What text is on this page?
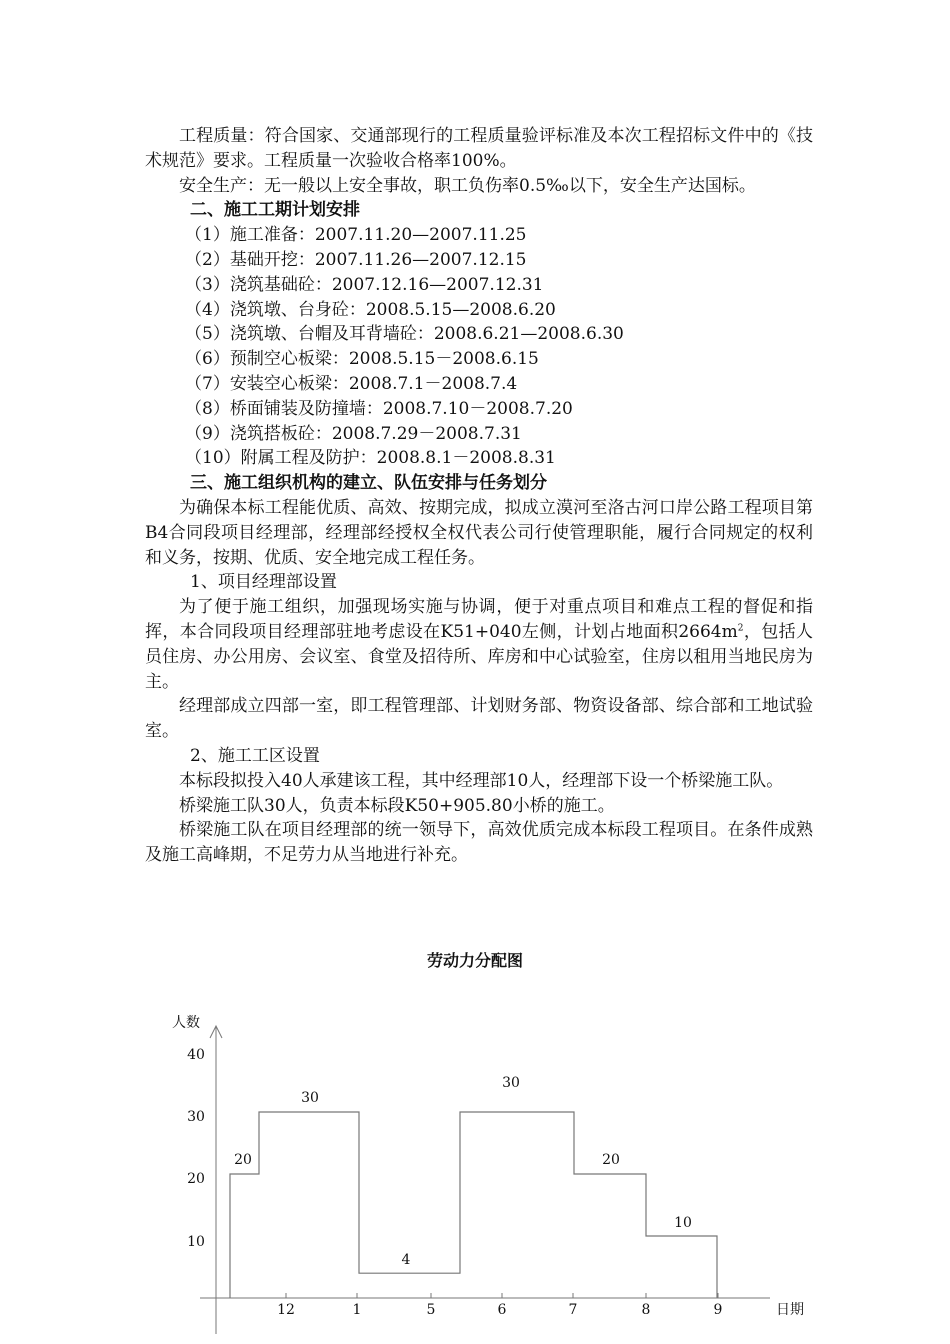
工程质量：符合国家、交通部现行的工程质量验评标准及本次工程招标文件中的《技术规范》要求。工程质量一次验收合格率100%。

安全生产：无一般以上安全事故，职工负伤率0.5‰以下，安全生产达国标。

二、施工工期计划安排

（1）施工准备：2007.11.20—2007.11.25

（2）基础开挖：2007.11.26—2007.12.15

（3）浇筑基础砼：2007.12.16—2007.12.31

（4）浇筑墩、台身砼：2008.5.15—2008.6.20

（5）浇筑墩、台帽及耳背墙砼：2008.6.21—2008.6.30

（6）预制空心板梁：2008.5.15－2008.6.15

（7）安装空心板梁：2008.7.1－2008.7.4

（8）桥面铺装及防撞墙：2008.7.10－2008.7.20

（9）浇筑搭板砼：2008.7.29－2008.7.31

（10）附属工程及防护：2008.8.1－2008.8.31

三、施工组织机构的建立、队伍安排与任务划分

为确保本标工程能优质、高效、按期完成，拟成立漠河至洛古河口岸公路工程项目第B4合同段项目经理部，经理部经授权全权代表公司行使管理职能，履行合同规定的权利和义务，按期、优质、安全地完成工程任务。

1、项目经理部设置

为了便于施工组织，加强现场实施与协调，便于对重点项目和难点工程的督促和指挥，本合同段项目经理部驻地考虑设在K51+040左侧，计划占地面积$2664m^2$，包括人员住房、办公用房、会议室、食堂及招待所、库房和中心试验室，住房以租用当地民房为主。

经理部成立四部一室，即工程管理部、计划财务部、物资设备部、综合部和工地试验室。

2、施工工区设置

本标段拟投入40人承建该工程，其中经理部10人，经理部下设一个桥梁施工队。

桥梁施工队30人，负责本标段K50+905.80小桥的施工。

桥梁施工队在项目经理部的统一领导下，高效优质完成本标段工程项目。在条件成熟及施工高峰期，不足劳力从当地进行补充。

劳动力分配图
人数
日期
10
20
30
40
12	1	5	6	7	8	9
20
30
4
30
20
10
